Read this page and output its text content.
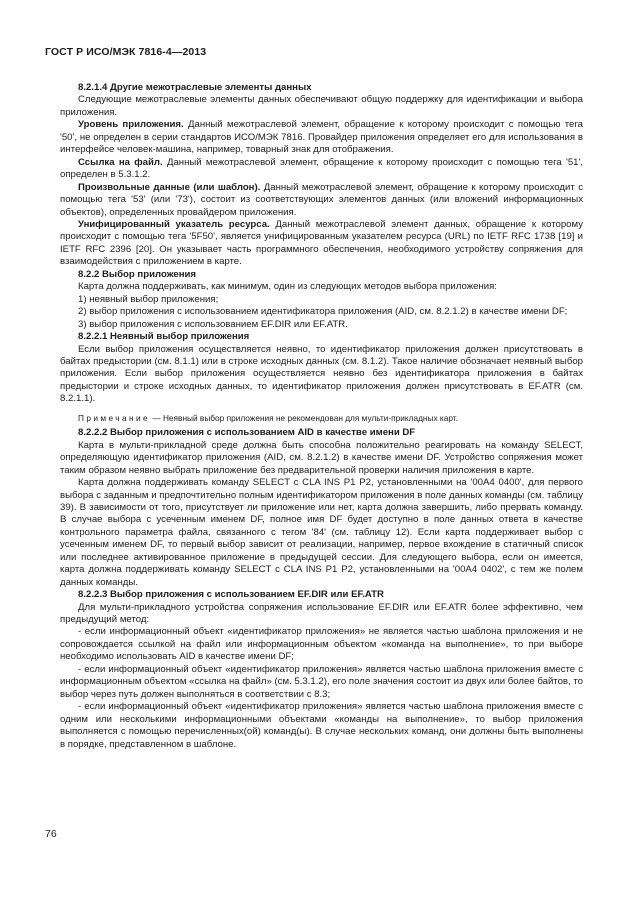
ГОСТ Р ИСО/МЭК 7816-4—2013

8.2.1.4 Другие межотраслевые элементы данных

Следующие межотраслевые элементы данных обеспечивают общую поддержку для идентификации и выбора приложения.

Уровень приложения. Данный межотраслевой элемент, обращение к которому происходит с помощью тега '50', не определен в серии стандартов ИСО/МЭК 7816. Провайдер приложения определяет его для использования в интерфейсе человек-машина, например, товарный знак для отображения.

Ссылка на файл. Данный межотраслевой элемент, обращение к которому происходит с помощью тега '51', определен в 5.3.1.2.

Произвольные данные (или шаблон). Данный межотраслевой элемент, обращение к которому происходит с помощью тега '53' (или '73'), состоит из соответствующих элементов данных (или вложений информационных объектов), определенных провайдером приложения.

Унифицированный указатель ресурса. Данный межотраслевой элемент данных, обращение к которому происходит с помощью тега '5F50', является унифицированным указателем ресурса (URL) по IETF RFC 1738 [19] и IETF RFC 2396 [20]. Он указывает часть программного обеспечения, необходимого устройству сопряжения для взаимодействия с приложением в карте.

8.2.2 Выбор приложения

Карта должна поддерживать, как минимум, один из следующих методов выбора приложения:

1) неявный выбор приложения;

2) выбор приложения с использованием идентификатора приложения (AID, см. 8.2.1.2) в качестве имени DF;

3) выбор приложения с использованием EF.DIR или EF.ATR.

8.2.2.1 Неявный выбор приложения

Если выбор приложения осуществляется неявно, то идентификатор приложения должен присутствовать в байтах предыстории (см. 8.1.1) или в строке исходных данных (см. 8.1.2). Такое наличие обозначает неявный выбор приложения. Если выбор приложения осуществляется неявно без идентификатора приложения в байтах предыстории и строке исходных данных, то идентификатор приложения должен присутствовать в EF.ATR (см. 8.2.1.1).

Примечание — Неявный выбор приложения не рекомендован для мульти-прикладных карт.

8.2.2.2 Выбор приложения с использованием AID в качестве имени DF

Карта в мульти-прикладной среде должна быть способна положительно реагировать на команду SELECT, определяющую идентификатор приложения (AID, см. 8.2.1.2) в качестве имени DF. Устройство сопряжения может таким образом неявно выбрать приложение без предварительной проверки наличия приложения в карте.

Карта должна поддерживать команду SELECT с CLA INS P1 P2, установленными на '00A4 0400', для первого выбора с заданным и предпочтительно полным идентификатором приложения в поле данных команды (см. таблицу 39). В зависимости от того, присутствует ли приложение или нет, карта должна завершить, либо прервать команду. В случае выбора с усеченным именем DF, полное имя DF будет доступно в поле данных ответа в качестве контрольного параметра файла, связанного с тегом '84' (см. таблицу 12). Если карта поддерживает выбор с усеченным именем DF, то первый выбор зависит от реализации, например, первое вхождение в статичный список или последнее активированное приложение в предыдущей сессии. Для следующего выбора, если он имеется, карта должна поддерживать команду SELECT с CLA INS P1 P2, установленными на '00A4 0402', с тем же полем данных команды.

8.2.2.3 Выбор приложения с использованием EF.DIR или EF.ATR

Для мульти-прикладного устройства сопряжения использование EF.DIR или EF.ATR более эффективно, чем предыдущий метод:

- если информационный объект «идентификатор приложения» не является частью шаблона приложения и не сопровождается ссылкой на файл или информационным объектом «команда на выполнение», то при выборе необходимо использовать AID в качестве имени DF;

- если информационный объект «идентификатор приложения» является частью шаблона приложения вместе с информационным объектом «ссылка на файл» (см. 5.3.1.2), его поле значения состоит из двух или более байтов, то выбор через путь должен выполняться в соответствии с 8.3;

- если информационный объект «идентификатор приложения» является частью шаблона приложения вместе с одним или несколькими информационными объектами «команды на выполнение», то выбор приложения выполняется с помощью перечисленных(ой) команд(ы). В случае нескольких команд, они должны быть выполнены в порядке, представленном в шаблоне.

76
